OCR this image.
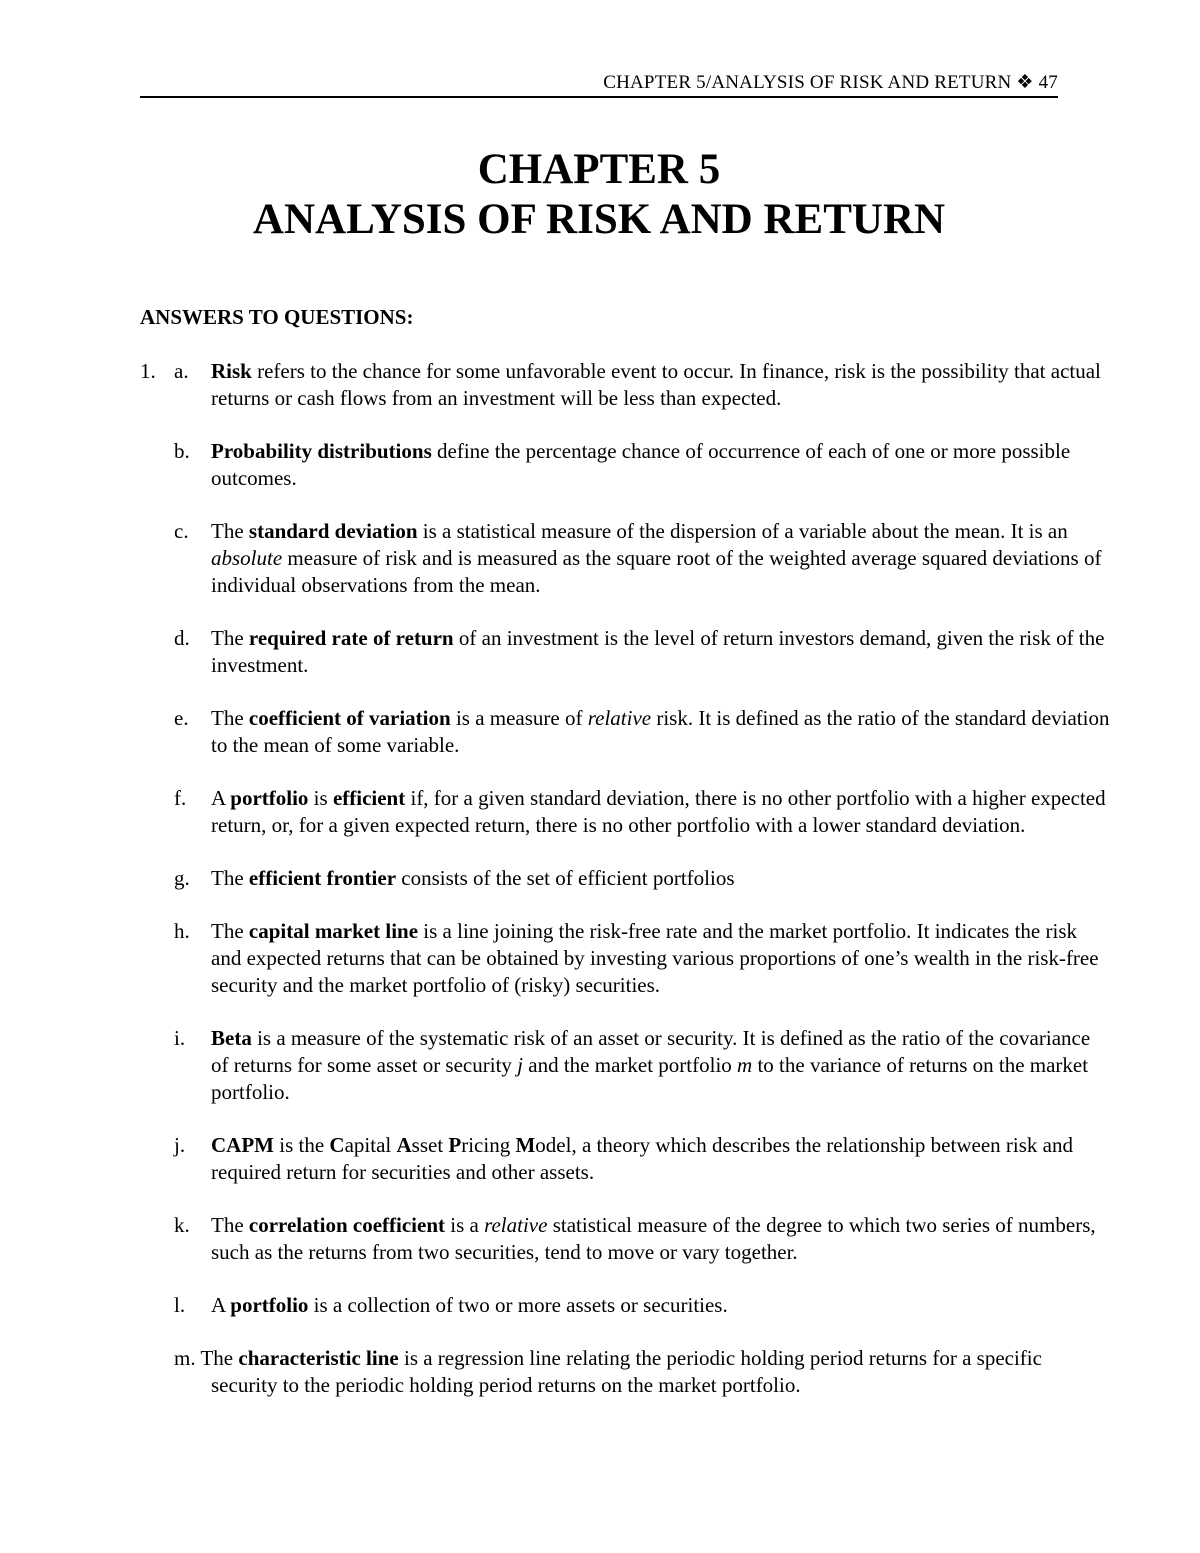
CHAPTER 5/ANALYSIS OF RISK AND RETURN ❖ 47
CHAPTER 5
ANALYSIS OF RISK AND RETURN
ANSWERS TO QUESTIONS:
1. a. Risk refers to the chance for some unfavorable event to occur. In finance, risk is the possibility that actual returns or cash flows from an investment will be less than expected.
b. Probability distributions define the percentage chance of occurrence of each of one or more possible outcomes.
c. The standard deviation is a statistical measure of the dispersion of a variable about the mean. It is an absolute measure of risk and is measured as the square root of the weighted average squared deviations of individual observations from the mean.
d. The required rate of return of an investment is the level of return investors demand, given the risk of the investment.
e. The coefficient of variation is a measure of relative risk. It is defined as the ratio of the standard deviation to the mean of some variable.
f. A portfolio is efficient if, for a given standard deviation, there is no other portfolio with a higher expected return, or, for a given expected return, there is no other portfolio with a lower standard deviation.
g. The efficient frontier consists of the set of efficient portfolios
h. The capital market line is a line joining the risk-free rate and the market portfolio. It indicates the risk and expected returns that can be obtained by investing various proportions of one’s wealth in the risk-free security and the market portfolio of (risky) securities.
i. Beta is a measure of the systematic risk of an asset or security. It is defined as the ratio of the covariance of returns for some asset or security j and the market portfolio m to the variance of returns on the market portfolio.
j. CAPM is the Capital Asset Pricing Model, a theory which describes the relationship between risk and required return for securities and other assets.
k. The correlation coefficient is a relative statistical measure of the degree to which two series of numbers, such as the returns from two securities, tend to move or vary together.
l. A portfolio is a collection of two or more assets or securities.
m. The characteristic line is a regression line relating the periodic holding period returns for a specific security to the periodic holding period returns on the market portfolio.
